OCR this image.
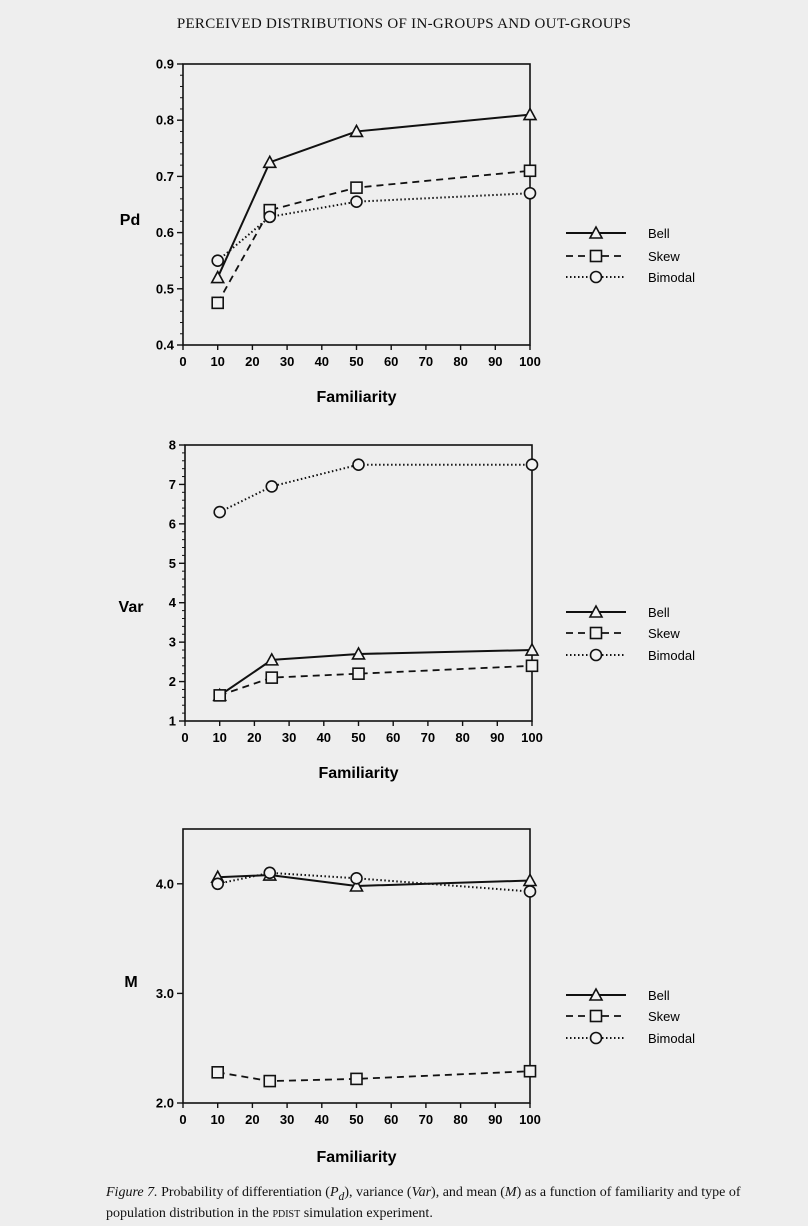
PERCEIVED DISTRIBUTIONS OF IN-GROUPS AND OUT-GROUPS
0.4
0.5
0.6
0.7
0.8
0.9
0 10 20 30 40 50 60 70 80 90 100
Familiarity
Pd
Bell
Skew
Bimodal
1
2
3
4
5
6
7
8
0 10 20 30 40 50 60 70 80 90 100
Familiarity
Var	Bell
Skew
Bimodal
2.0
3.0
4.0
0 10 20 30 40 50 60 70 80 90 100
Familiarity
M
Bell
Skew
Bimodal
Figure 7. Probability of differentiation $(P_d)$, variance (Var), and mean (M) as a function of familiarity and type of population distribution in the pdist simulation experiment.
